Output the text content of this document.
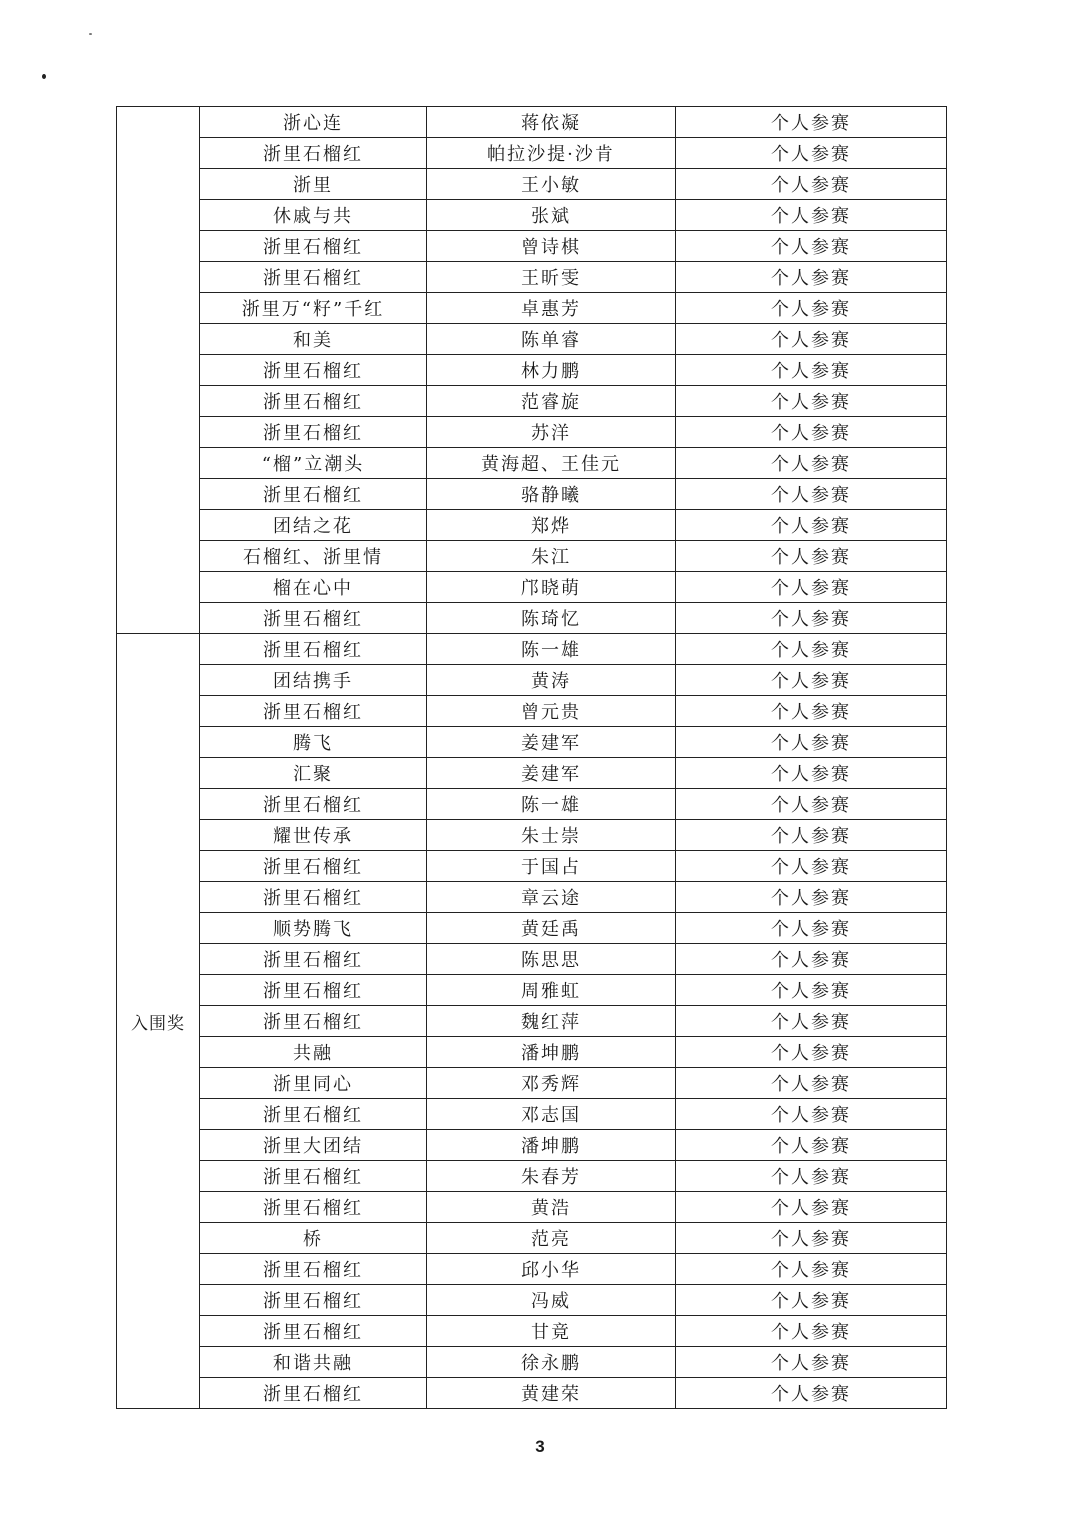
	浙心连	蒋依凝	个人参赛
	浙里石榴红	帕拉沙提·沙肯	个人参赛
	浙里	王小敏	个人参赛
	休戚与共	张斌	个人参赛
	浙里石榴红	曾诗棋	个人参赛
	浙里石榴红	王昕雯	个人参赛
	浙里万“籽”千红	卓惠芳	个人参赛
	和美	陈单睿	个人参赛
	浙里石榴红	林力鹏	个人参赛
	浙里石榴红	范睿旋	个人参赛
	浙里石榴红	苏洋	个人参赛
	“榴”立潮头	黄海超、王佳元	个人参赛
	浙里石榴红	骆静曦	个人参赛
	团结之花	郑烨	个人参赛
	石榴红、浙里情	朱江	个人参赛
	榴在心中	邝晓萌	个人参赛
	浙里石榴红	陈琦忆	个人参赛
入围奖	浙里石榴红	陈一雄	个人参赛
	团结携手	黄涛	个人参赛
	浙里石榴红	曾元贵	个人参赛
	腾飞	姜建军	个人参赛
	汇聚	姜建军	个人参赛
	浙里石榴红	陈一雄	个人参赛
	耀世传承	朱士崇	个人参赛
	浙里石榴红	于国占	个人参赛
	浙里石榴红	章云途	个人参赛
	顺势腾飞	黄廷禹	个人参赛
	浙里石榴红	陈思思	个人参赛
	浙里石榴红	周雅虹	个人参赛
	浙里石榴红	魏红萍	个人参赛
	共融	潘坤鹏	个人参赛
	浙里同心	邓秀辉	个人参赛
	浙里石榴红	邓志国	个人参赛
	浙里大团结	潘坤鹏	个人参赛
	浙里石榴红	朱春芳	个人参赛
	浙里石榴红	黄浩	个人参赛
	桥	范亮	个人参赛
	浙里石榴红	邱小华	个人参赛
	浙里石榴红	冯威	个人参赛
	浙里石榴红	甘竟	个人参赛
	和谐共融	徐永鹏	个人参赛
	浙里石榴红	黄建荣	个人参赛
3
